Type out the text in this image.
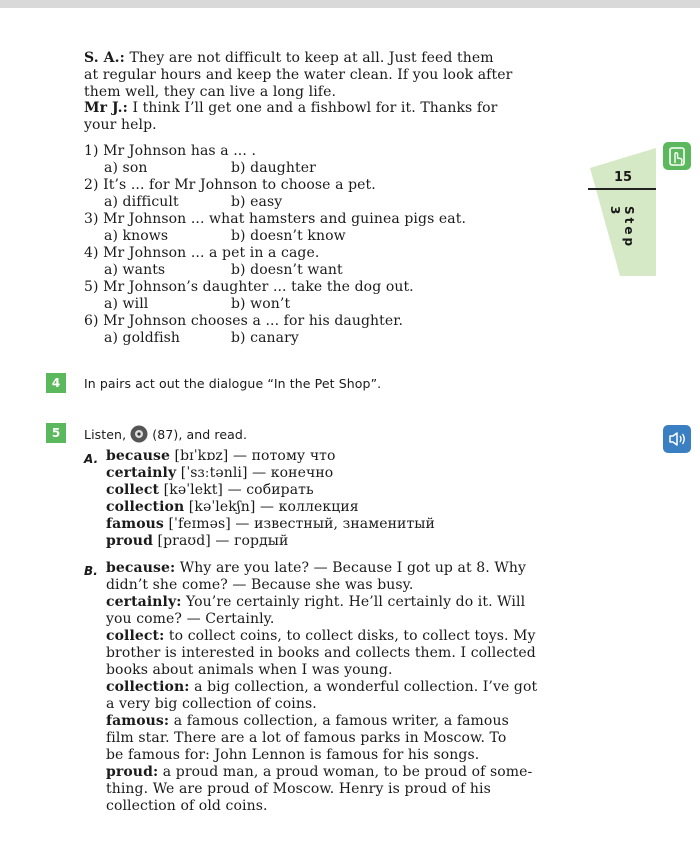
S. A.: They are not difficult to keep at all. Just feed them
at regular hours and keep the water clean. If you look after
them well, they can live a long life.
Mr J.: I think I’ll get one and a fishbowl for it. Thanks for
your help.
1) Mr Johnson has a ... .
a) son	b) daughter
2) It’s ... for Mr Johnson to choose a pet.
a) difficult	b) easy
3) Mr Johnson ... what hamsters and guinea pigs eat.
a) knows	b) doesn’t know
4) Mr Johnson ... a pet in a cage.
a) wants	b) doesn’t want
5) Mr Johnson’s daughter ... take the dog out.
a) will	b) won’t
6) Mr Johnson chooses a ... for his daughter.
a) goldfish	b) canary
15
Step 3
4	In pairs act out the dialogue “In the Pet Shop”.
5	Listen, (87), and read.
A. because [bɪˈkɒz] — потому что
certainly [ˈsɜːtənli] — конечно
collect [kəˈlekt] — собирать
collection [kəˈlekʃn] — коллекция
famous [ˈfeɪməs] — известный, знаменитый
proud [praʊd] — гордый
B. because: Why are you late? — Because I got up at 8. Why
didn’t she come? — Because she was busy.
certainly: You’re certainly right. He’ll certainly do it. Will
you come? — Certainly.
collect: to collect coins, to collect disks, to collect toys. My
brother is interested in books and collects them. I collected
books about animals when I was young.
collection: a big collection, a wonderful collection. I’ve got
a very big collection of coins.
famous: a famous collection, a famous writer, a famous
film star. There are a lot of famous parks in Moscow. To
be famous for: John Lennon is famous for his songs.
proud: a proud man, a proud woman, to be proud of some-
thing. We are proud of Moscow. Henry is proud of his
collection of old coins.
